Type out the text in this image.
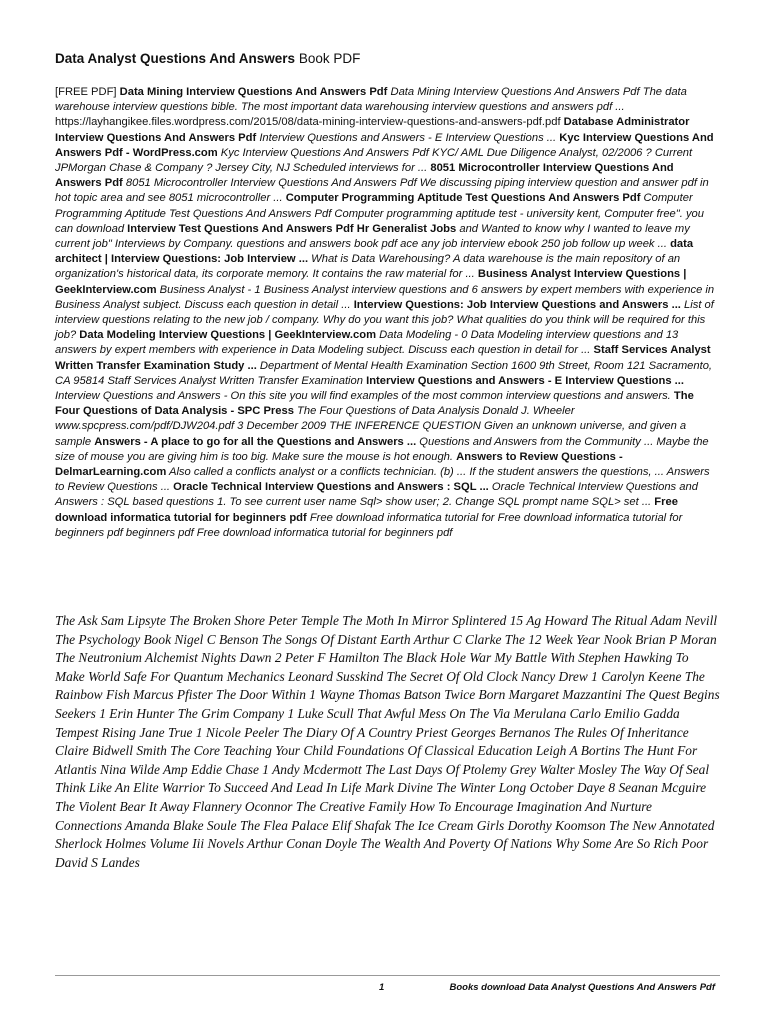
Data Analyst Questions And Answers Book PDF
[FREE PDF] Data Mining Interview Questions And Answers Pdf Data Mining Interview Questions And Answers Pdf The data warehouse interview questions bible. The most important data warehousing interview questions and answers pdf ... https://layhangikee.files.wordpress.com/2015/08/data-mining-interview-questions-and-answers-pdf.pdf Database Administrator Interview Questions And Answers Pdf Interview Questions and Answers - E Interview Questions ... Kyc Interview Questions And Answers Pdf - WordPress.com Kyc Interview Questions And Answers Pdf KYC/ AML Due Diligence Analyst, 02/2006 ? Current JPMorgan Chase & Company ? Jersey City, NJ Scheduled interviews for ... 8051 Microcontroller Interview Questions And Answers Pdf 8051 Microcontroller Interview Questions And Answers Pdf We discussing piping interview question and answer pdf in hot topic area and see 8051 microcontroller ... Computer Programming Aptitude Test Questions And Answers Pdf Computer Programming Aptitude Test Questions And Answers Pdf Computer programming aptitude test - university kent, Computer free". you can download Interview Test Questions And Answers Pdf Hr Generalist Jobs and Wanted to know why I wanted to leave my current job" Interviews by Company. questions and answers book pdf ace any job interview ebook 250 job follow up week ... data architect | Interview Questions: Job Interview ... What is Data Warehousing? A data warehouse is the main repository of an organization's historical data, its corporate memory. It contains the raw material for ... Business Analyst Interview Questions | GeekInterview.com Business Analyst - 1 Business Analyst interview questions and 6 answers by expert members with experience in Business Analyst subject. Discuss each question in detail ... Interview Questions: Job Interview Questions and Answers ... List of interview questions relating to the new job / company. Why do you want this job? What qualities do you think will be required for this job? Data Modeling Interview Questions | GeekInterview.com Data Modeling - 0 Data Modeling interview questions and 13 answers by expert members with experience in Data Modeling subject. Discuss each question in detail for ... Staff Services Analyst Written Transfer Examination Study ... Department of Mental Health Examination Section 1600 9th Street, Room 121 Sacramento, CA 95814 Staff Services Analyst Written Transfer Examination Interview Questions and Answers - E Interview Questions ... Interview Questions and Answers - On this site you will find examples of the most common interview questions and answers. The Four Questions of Data Analysis - SPC Press The Four Questions of Data Analysis Donald J. Wheeler www.spcpress.com/pdf/DJW204.pdf 3 December 2009 THE INFERENCE QUESTION Given an unknown universe, and given a sample Answers - A place to go for all the Questions and Answers ... Questions and Answers from the Community ... Maybe the size of mouse you are giving him is too big. Make sure the mouse is hot enough. Answers to Review Questions - DelmarLearning.com Also called a conflicts analyst or a conflicts technician. (b) ... If the student answers the questions, ... Answers to Review Questions ... Oracle Technical Interview Questions and Answers : SQL ... Oracle Technical Interview Questions and Answers : SQL based questions 1. To see current user name Sql> show user; 2. Change SQL prompt name SQL> set ... Free download informatica tutorial for beginners pdf Free download informatica tutorial for Free download informatica tutorial for beginners pdf beginners pdf Free download informatica tutorial for beginners pdf
The Ask Sam Lipsyte The Broken Shore Peter Temple The Moth In Mirror Splintered 15 Ag Howard The Ritual Adam Nevill The Psychology Book Nigel C Benson The Songs Of Distant Earth Arthur C Clarke The 12 Week Year Nook Brian P Moran The Neutronium Alchemist Nights Dawn 2 Peter F Hamilton The Black Hole War My Battle With Stephen Hawking To Make World Safe For Quantum Mechanics Leonard Susskind The Secret Of Old Clock Nancy Drew 1 Carolyn Keene The Rainbow Fish Marcus Pfister The Door Within 1 Wayne Thomas Batson Twice Born Margaret Mazzantini The Quest Begins Seekers 1 Erin Hunter The Grim Company 1 Luke Scull That Awful Mess On The Via Merulana Carlo Emilio Gadda Tempest Rising Jane True 1 Nicole Peeler The Diary Of A Country Priest Georges Bernanos The Rules Of Inheritance Claire Bidwell Smith The Core Teaching Your Child Foundations Of Classical Education Leigh A Bortins The Hunt For Atlantis Nina Wilde Amp Eddie Chase 1 Andy Mcdermott The Last Days Of Ptolemy Grey Walter Mosley The Way Of Seal Think Like An Elite Warrior To Succeed And Lead In Life Mark Divine The Winter Long October Daye 8 Seanan Mcguire The Violent Bear It Away Flannery Oconnor The Creative Family How To Encourage Imagination And Nurture Connections Amanda Blake Soule The Flea Palace Elif Shafak The Ice Cream Girls Dorothy Koomson The New Annotated Sherlock Holmes Volume Iii Novels Arthur Conan Doyle The Wealth And Poverty Of Nations Why Some Are So Rich Poor David S Landes
1	Books download Data Analyst Questions And Answers Pdf
